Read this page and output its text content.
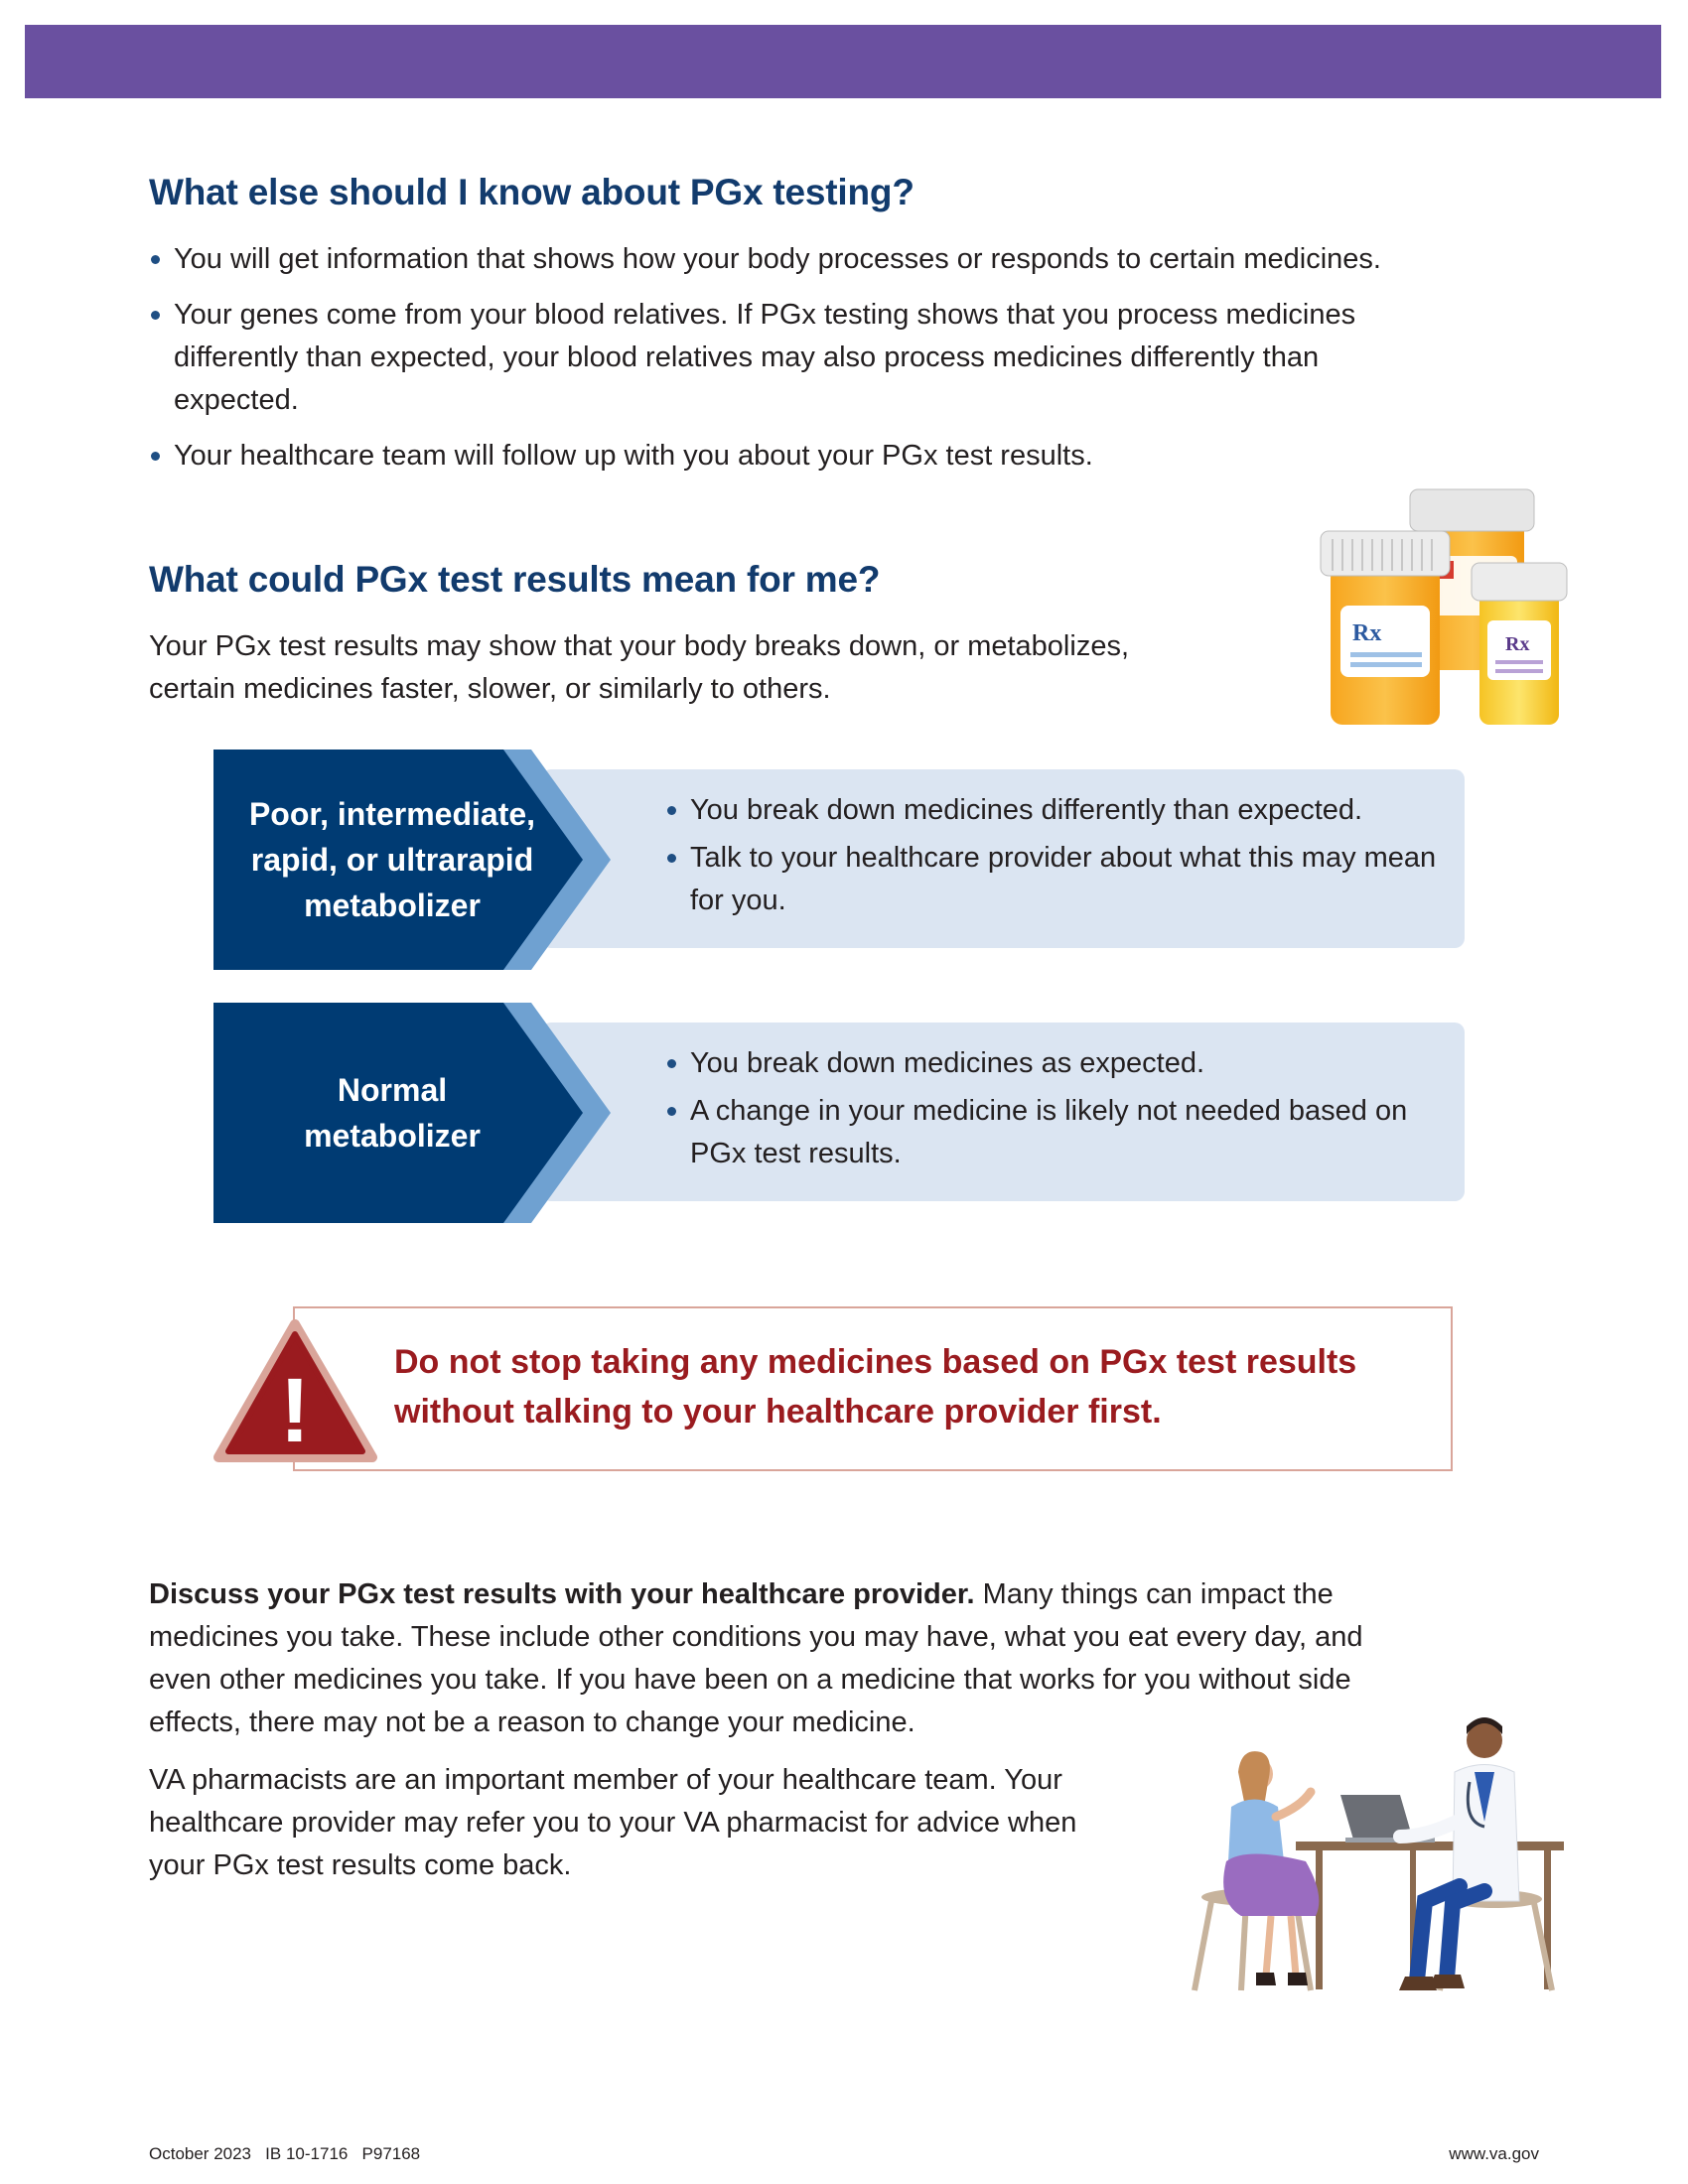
What else should I know about PGx testing?
You will get information that shows how your body processes or responds to certain medicines.
Your genes come from your blood relatives. If PGx testing shows that you process medicines differently than expected, your blood relatives may also process medicines differently than expected.
Your healthcare team will follow up with you about your PGx test results.
What could PGx test results mean for me?

Your PGx test results may show that your body breaks down, or metabolizes, certain medicines faster, slower, or similarly to others.

Rx	Rx
Poor, intermediate, rapid, or ultrarapid metabolizer
You break down medicines differently than expected.
Talk to your healthcare provider about what this may mean for you.
Normal metabolizer
You break down medicines as expected.
A change in your medicine is likely not needed based on PGx test results.
! Do not stop taking any medicines based on PGx test results without talking to your healthcare provider first.

Discuss your PGx test results with your healthcare provider. Many things can impact the medicines you take. These include other conditions you may have, what you eat every day, and even other medicines you take. If you have been on a medicine that works for you without side effects, there may not be a reason to change your medicine.

VA pharmacists are an important member of your healthcare team. Your healthcare provider may refer you to your VA pharmacist for advice when your PGx test results come back.

October 2023   IB 10-1716   P97168	www.va.gov
